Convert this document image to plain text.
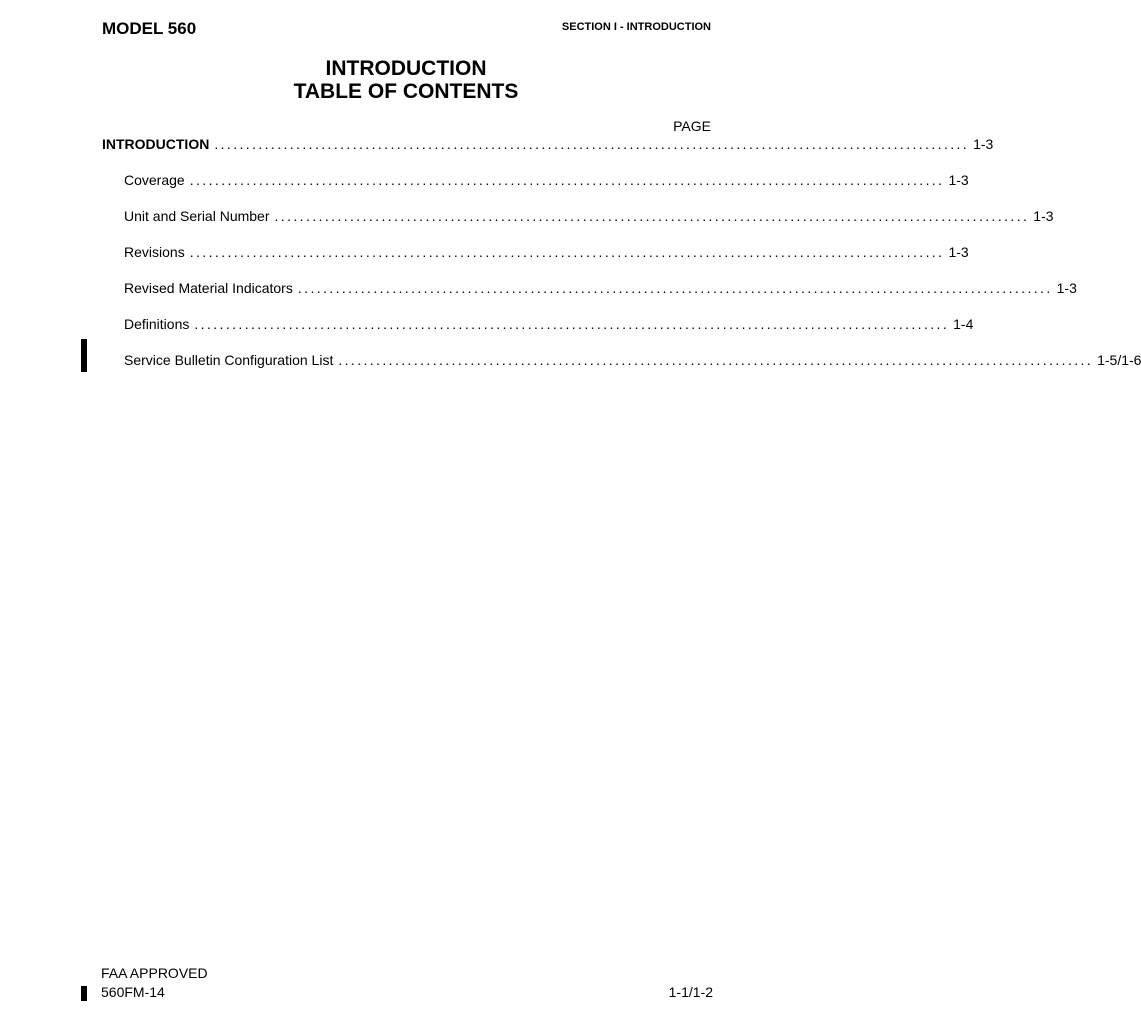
MODEL 560	SECTION I - INTRODUCTION
INTRODUCTION
TABLE OF CONTENTS
PAGE
INTRODUCTION ........................................................................................................................ 1-3
Coverage ........................................................................................................................ 1-3
Unit and Serial Number ........................................................................................................................ 1-3
Revisions ........................................................................................................................ 1-3
Revised Material Indicators ........................................................................................................................ 1-3
Definitions ........................................................................................................................ 1-4
Service Bulletin Configuration List ........................................................................................................................ 1-5/1-6
FAA APPROVED
560FM-14	1-1/1-2
